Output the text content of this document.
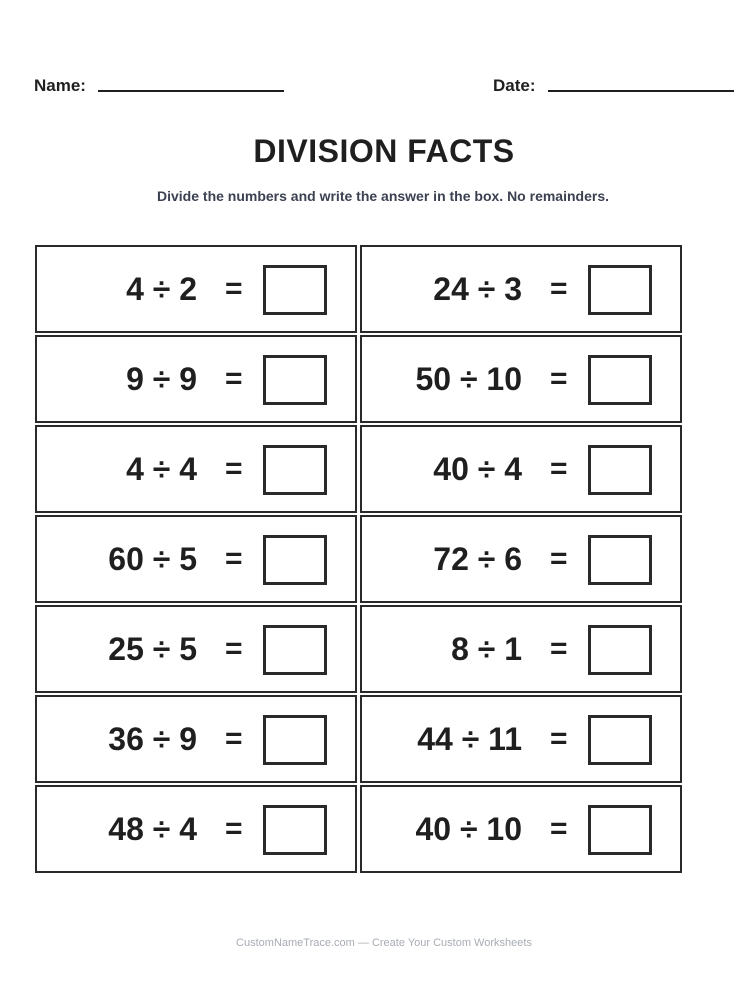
Name:	Date:
DIVISION FACTS
Divide the numbers and write the answer in the box. No remainders.
4 ÷ 2 =	24 ÷ 3 =
9 ÷ 9 =	50 ÷ 10 =
4 ÷ 4 =	40 ÷ 4 =
60 ÷ 5 =	72 ÷ 6 =
25 ÷ 5 =	8 ÷ 1 =
36 ÷ 9 =	44 ÷ 11 =
48 ÷ 4 =	40 ÷ 10 =
CustomNameTrace.com — Create Your Custom Worksheets
